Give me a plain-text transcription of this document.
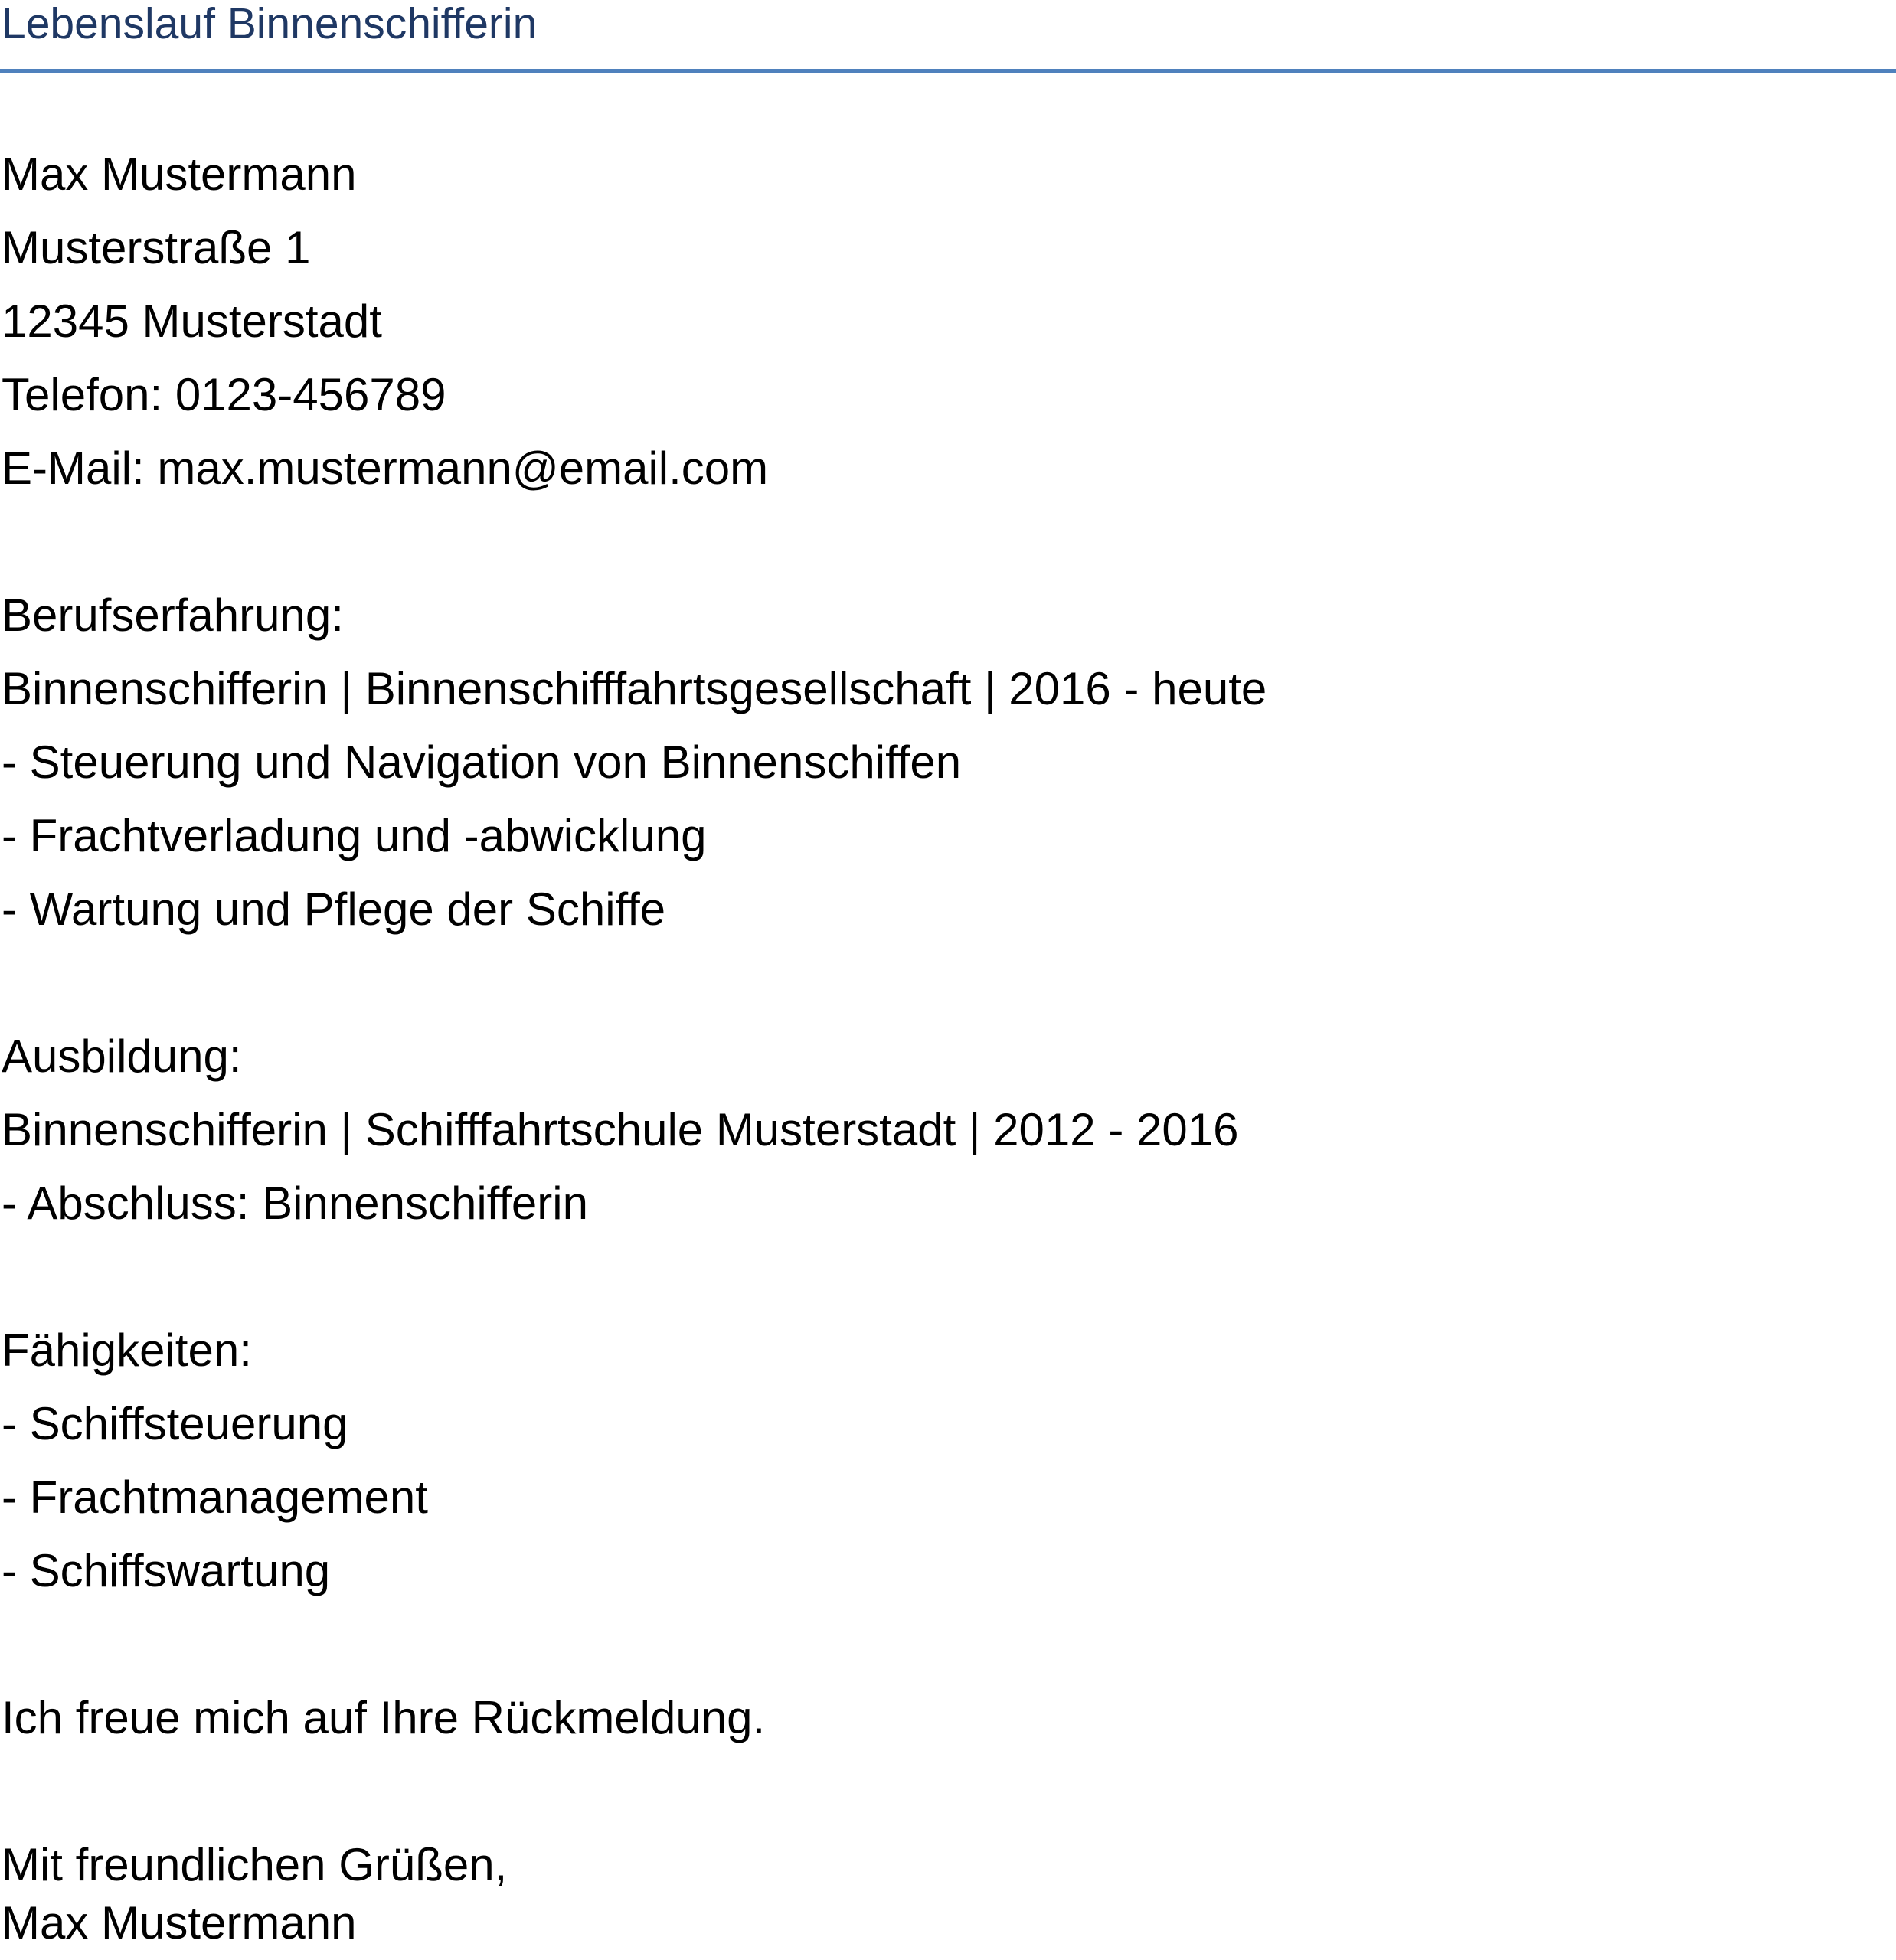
Lebenslauf Binnenschifferin
Max Mustermann
Musterstraße 1
12345 Musterstadt
Telefon: 0123-456789
E-Mail: max.mustermann@email.com
Berufserfahrung:
Binnenschifferin | Binnenschifffahrtsgesellschaft | 2016 - heute
- Steuerung und Navigation von Binnenschiffen
- Frachtverladung und -abwicklung
- Wartung und Pflege der Schiffe
Ausbildung:
Binnenschifferin | Schifffahrtschule Musterstadt | 2012 - 2016
- Abschluss: Binnenschifferin
Fähigkeiten:
- Schiffsteuerung
- Frachtmanagement
- Schiffswartung
Ich freue mich auf Ihre Rückmeldung.
Mit freundlichen Grüßen,
Max Mustermann
